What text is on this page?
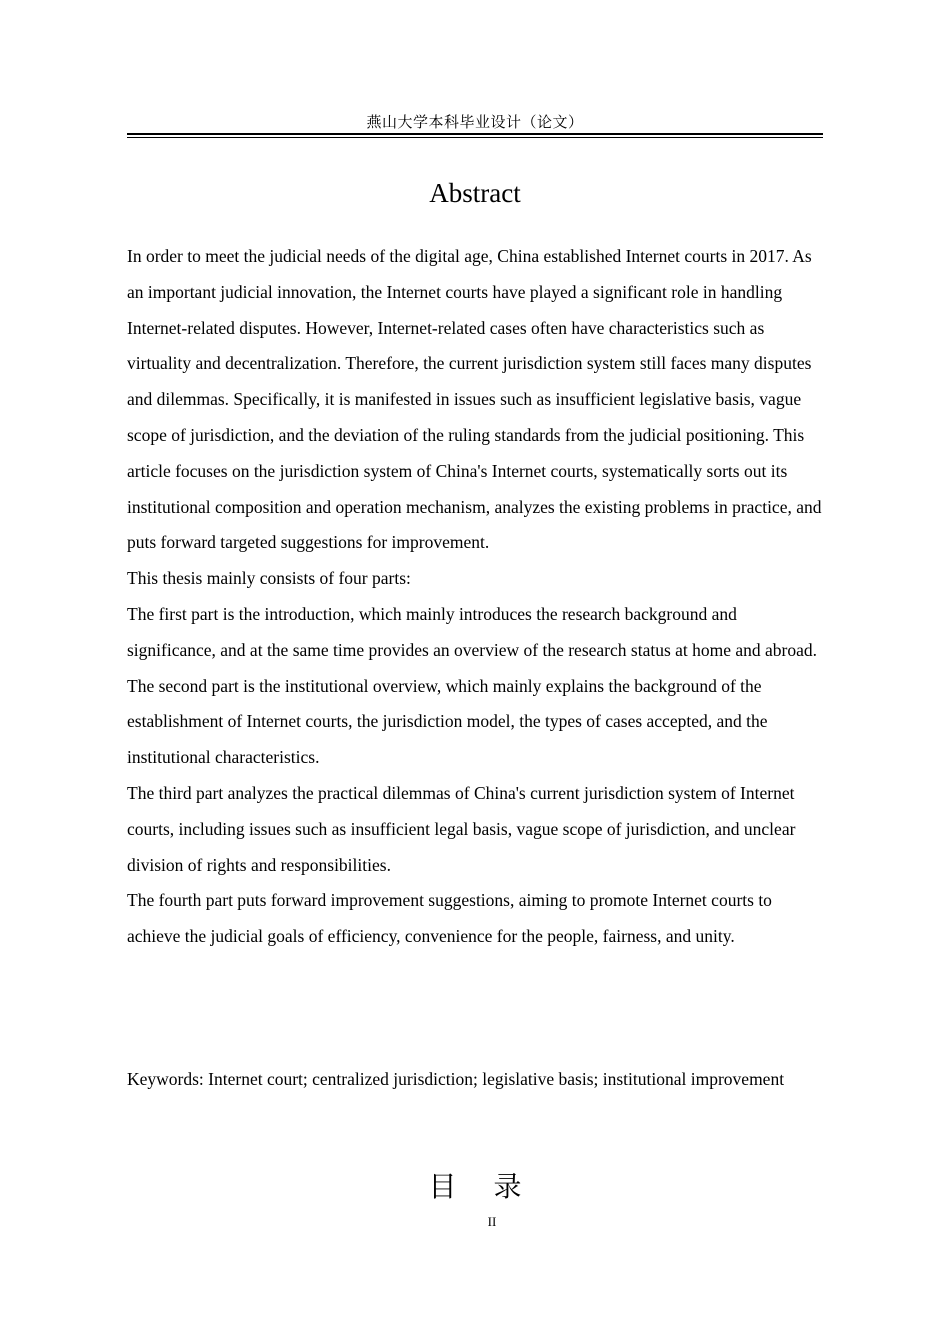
燕山大学本科毕业设计（论文）
Abstract

In order to meet the judicial needs of the digital age, China established Internet courts in 2017. As an important judicial innovation, the Internet courts have played a significant role in handling Internet-related disputes. However, Internet-related cases often have characteristics such as virtuality and decentralization. Therefore, the current jurisdiction system still faces many disputes and dilemmas. Specifically, it is manifested in issues such as insufficient legislative basis, vague scope of jurisdiction, and the deviation of the ruling standards from the judicial positioning. This article focuses on the jurisdiction system of China's Internet courts, systematically sorts out its institutional composition and operation mechanism, analyzes the existing problems in practice, and puts forward targeted suggestions for improvement.

This thesis mainly consists of four parts:

The first part is the introduction, which mainly introduces the research background and significance, and at the same time provides an overview of the research status at home and abroad.

The second part is the institutional overview, which mainly explains the background of the establishment of Internet courts, the jurisdiction model, the types of cases accepted, and the institutional characteristics.

The third part analyzes the practical dilemmas of China's current jurisdiction system of Internet courts, including issues such as insufficient legal basis, vague scope of jurisdiction, and unclear division of rights and responsibilities.

The fourth part puts forward improvement suggestions, aiming to promote Internet courts to achieve the judicial goals of efficiency, convenience for the people, fairness, and unity.

Keywords: Internet court; centralized jurisdiction; legislative basis; institutional improvement
目 录
II
